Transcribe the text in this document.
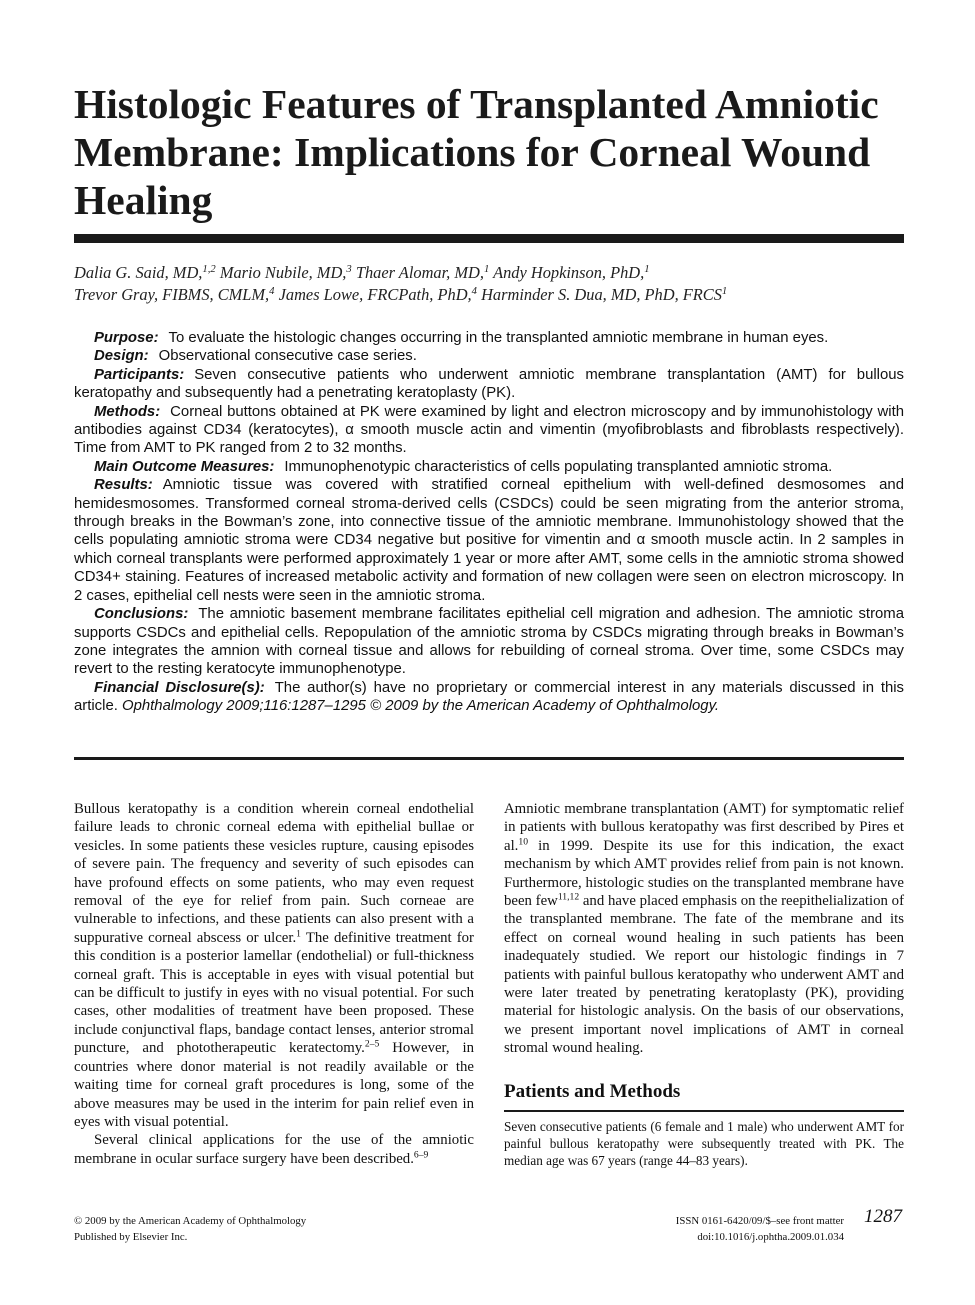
Histologic Features of Transplanted Amniotic Membrane: Implications for Corneal Wound Healing

Dalia G. Said, MD,$^{1,2}$ Mario Nubile, MD,$^3$ Thaer Alomar, MD,$^1$ Andy Hopkinson, PhD,$^1$

Trevor Gray, FIBMS, CMLM,$^4$ James Lowe, FRCPath, PhD,$^4$ Harminder S. Dua, MD, PhD, FRCS$^1$

Purpose: To evaluate the histologic changes occurring in the transplanted amniotic membrane in human eyes.

Design: Observational consecutive case series.

Participants: Seven consecutive patients who underwent amniotic membrane transplantation (AMT) for bullous keratopathy and subsequently had a penetrating keratoplasty (PK).

Methods: Corneal buttons obtained at PK were examined by light and electron microscopy and by immunohistology with antibodies against CD34 (keratocytes), α smooth muscle actin and vimentin (myofibroblasts and fibroblasts respectively). Time from AMT to PK ranged from 2 to 32 months.

Main Outcome Measures: Immunophenotypic characteristics of cells populating transplanted amniotic stroma.

Results: Amniotic tissue was covered with stratified corneal epithelium with well-defined desmosomes and hemidesmosomes. Transformed corneal stroma-derived cells (CSDCs) could be seen migrating from the anterior stroma, through breaks in the Bowman’s zone, into connective tissue of the amniotic membrane. Immunohistology showed that the cells populating amniotic stroma were CD34 negative but positive for vimentin and α smooth muscle actin. In 2 samples in which corneal transplants were performed approximately 1 year or more after AMT, some cells in the amniotic stroma showed CD34+ staining. Features of increased metabolic activity and formation of new collagen were seen on electron microscopy. In 2 cases, epithelial cell nests were seen in the amniotic stroma.

Conclusions: The amniotic basement membrane facilitates epithelial cell migration and adhesion. The amniotic stroma supports CSDCs and epithelial cells. Repopulation of the amniotic stroma by CSDCs migrating through breaks in Bowman’s zone integrates the amnion with corneal tissue and allows for rebuilding of corneal stroma. Over time, some CSDCs may revert to the resting keratocyte immunophenotype.

Financial Disclosure(s): The author(s) have no proprietary or commercial interest in any materials discussed in this article. Ophthalmology 2009;116:1287–1295 © 2009 by the American Academy of Ophthalmology.

Bullous keratopathy is a condition wherein corneal endothelial failure leads to chronic corneal edema with epithelial bullae or vesicles. In some patients these vesicles rupture, causing episodes of severe pain. The frequency and severity of such episodes can have profound effects on some patients, who may even request removal of the eye for relief from pain. Such corneae are vulnerable to infections, and these patients can also present with a suppurative corneal abscess or ulcer.$^1$ The definitive treatment for this condition is a posterior lamellar (endothelial) or full-thickness corneal graft. This is acceptable in eyes with visual potential but can be difficult to justify in eyes with no visual potential. For such cases, other modalities of treatment have been proposed. These include conjunctival flaps, bandage contact lenses, anterior stromal puncture, and phototherapeutic keratectomy.$^{2-5}$ However, in countries where donor material is not readily available or the waiting time for corneal graft procedures is long, some of the above measures may be used in the interim for pain relief even in eyes with visual potential.

Several clinical applications for the use of the amniotic membrane in ocular surface surgery have been described.$^{6-9}$

Amniotic membrane transplantation (AMT) for symptomatic relief in patients with bullous keratopathy was first described by Pires et al.$^{10}$ in 1999. Despite its use for this indication, the exact mechanism by which AMT provides relief from pain is not known. Furthermore, histologic studies on the transplanted membrane have been few$^{11,12}$ and have placed emphasis on the reepithelialization of the transplanted membrane. The fate of the membrane and its effect on corneal wound healing in such patients has been inadequately studied. We report our histologic findings in 7 patients with painful bullous keratopathy who underwent AMT and were later treated by penetrating keratoplasty (PK), providing material for histologic analysis. On the basis of our observations, we present important novel implications of AMT in corneal stromal wound healing.

Patients and Methods

Seven consecutive patients (6 female and 1 male) who underwent AMT for painful bullous keratopathy were subsequently treated with PK. The median age was 67 years (range 44–83 years).

© 2009 by the American Academy of Ophthalmology

Published by Elsevier Inc.

ISSN 0161-6420/09/$–see front matter

doi:10.1016/j.ophtha.2009.01.034

1287
